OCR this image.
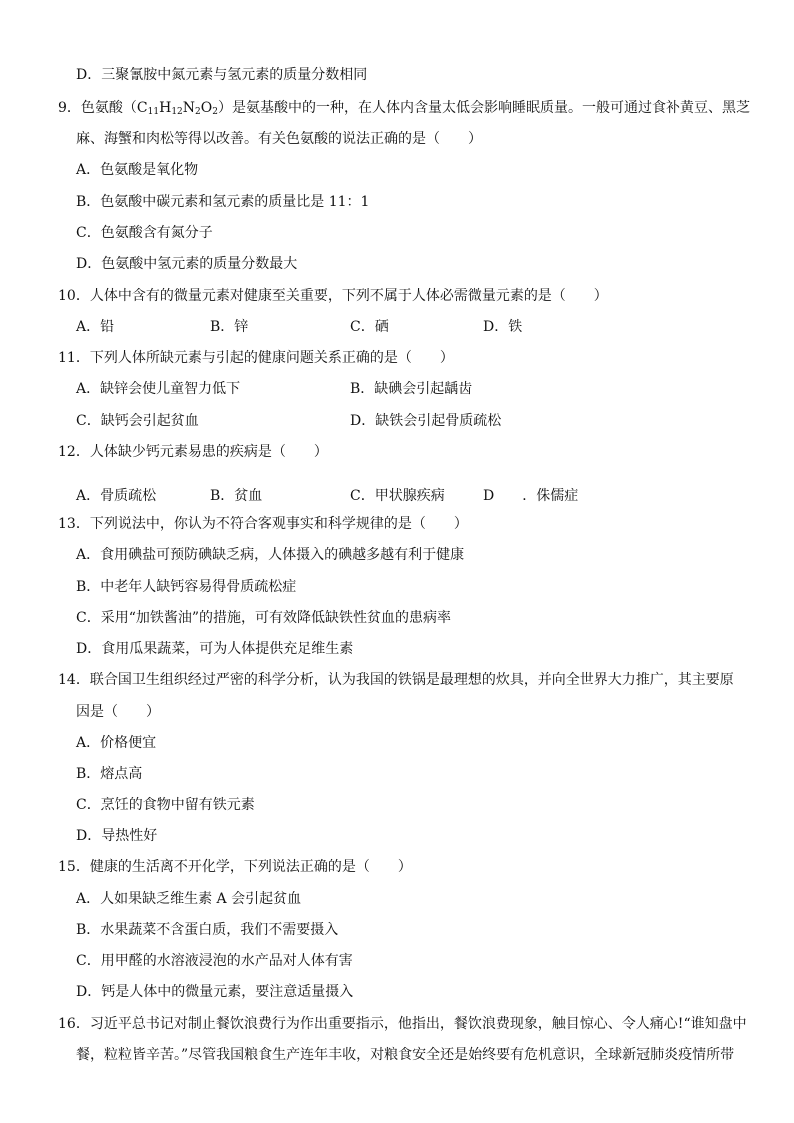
D．三聚氰胺中氮元素与氢元素的质量分数相同
9．色氨酸$(C_{11}H_{12}N_2O_2)$是氨基酸中的一种，在人体内含量太低会影响睡眠质量。一般可通过食补黄豆、黑芝
麻、海蟹和肉松等得以改善。有关色氨酸的说法正确的是（　　）
A．色氨酸是氧化物
B．色氨酸中碳元素和氢元素的质量比是 11：1
C．色氨酸含有氮分子
D．色氨酸中氢元素的质量分数最大
10．人体中含有的微量元素对健康至关重要，下列不属于人体必需微量元素的是（　　）
A．铅	B．锌	C．硒	D．铁
11．下列人体所缺元素与引起的健康问题关系正确的是（　　）
A．缺锌会使儿童智力低下	B．缺碘会引起龋齿
C．缺钙会引起贫血	D．缺铁会引起骨质疏松
12．人体缺少钙元素易患的疾病是（　　）
A．骨质疏松	B．贫血	C．甲状腺疾病	D　　．侏儒症
13．下列说法中，你认为不符合客观事实和科学规律的是（　　）
A．食用碘盐可预防碘缺乏病，人体摄入的碘越多越有利于健康
B．中老年人缺钙容易得骨质疏松症
C．采用“加铁酱油”的措施，可有效降低缺铁性贫血的患病率
D．食用瓜果蔬菜，可为人体提供充足维生素
14．联合国卫生组织经过严密的科学分析，认为我国的铁锅是最理想的炊具，并向全世界大力推广，其主要原
因是（　　）
A．价格便宜
B．熔点高
C．烹饪的食物中留有铁元素
D．导热性好
15．健康的生活离不开化学，下列说法正确的是（　　）
A．人如果缺乏维生素 A 会引起贫血
B．水果蔬菜不含蛋白质，我们不需要摄入
C．用甲醛的水溶液浸泡的水产品对人体有害
D．钙是人体中的微量元素，要注意适量摄入
16．习近平总书记对制止餐饮浪费行为作出重要指示，他指出，餐饮浪费现象，触目惊心、令人痛心!“谁知盘中
餐，粒粒皆辛苦。”尽管我国粮食生产连年丰收，对粮食安全还是始终要有危机意识，全球新冠肺炎疫情所带
